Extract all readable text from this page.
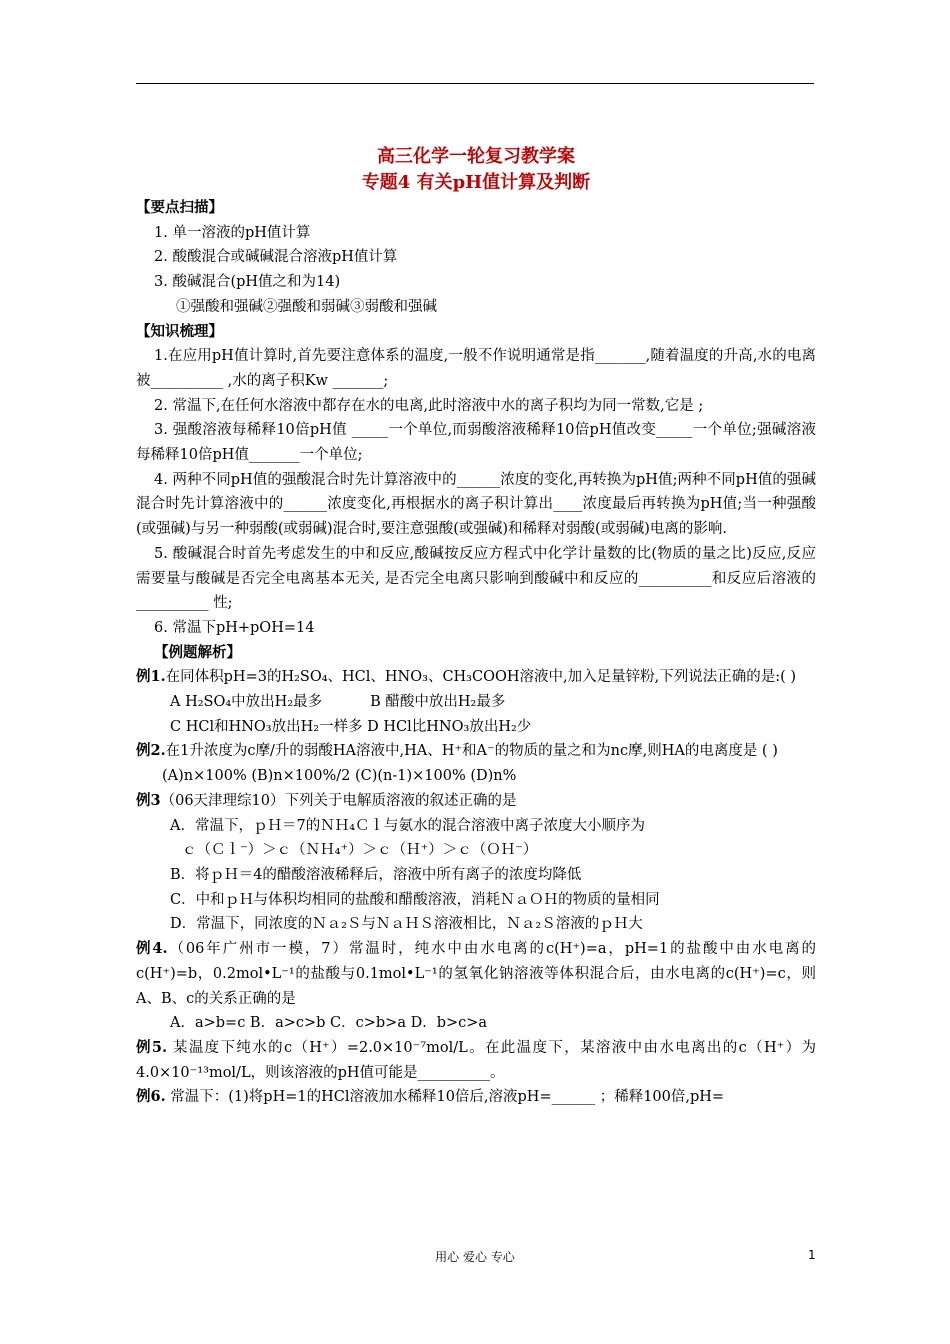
高三化学一轮复习教学案
专题4 有关pH值计算及判断
【要点扫描】
1. 单一溶液的pH值计算
2. 酸酸混合或碱碱混合溶液pH值计算
3. 酸碱混合(pH值之和为14)
①强酸和强碱②强酸和弱碱③弱酸和强碱
【知识梳理】
1.在应用pH值计算时,首先要注意体系的温度,一般不作说明通常是指_______,随着温度的升高,水的电离被__________ ,水的离子积Kw _______;
2. 常温下,在任何水溶液中都存在水的电离,此时溶液中水的离子积均为同一常数,它是 ;
3. 强酸溶液每稀释10倍pH值 _____一个单位,而弱酸溶液稀释10倍pH值改变_____一个单位;强碱溶液每稀释10倍pH值_______一个单位;
4. 两种不同pH值的强酸混合时先计算溶液中的______浓度的变化,再转换为pH值;两种不同pH值的强碱混合时先计算溶液中的______浓度变化,再根据水的离子积计算出____浓度最后再转换为pH值;当一种强酸(或强碱)与另一种弱酸(或弱碱)混合时,要注意强酸(或强碱)和稀释对弱酸(或弱碱)电离的影响.
5. 酸碱混合时首先考虑发生的中和反应,酸碱按反应方程式中化学计量数的比(物质的量之比)反应,反应需要量与酸碱是否完全电离基本无关, 是否完全电离只影响到酸碱中和反应的__________和反应后溶液的__________ 性;
6. 常温下pH+pOH=14
【例题解析】
例1.在同体积pH=3的H₂SO₄、HCl、HNO₃、CH₃COOH溶液中,加入足量锌粉,下列说法正确的是:( )
A H₂SO₄中放出H₂最多	B 醋酸中放出H₂最多
C HCl和HNO₃放出H₂一样多 D HCl比HNO₃放出H₂少
例2.在1升浓度为c摩/升的弱酸HA溶液中,HA、H⁺和A⁻的物质的量之和为nc摩,则HA的电离度是 ( )
(A)n×100% (B)n×100%/2 (C)(n-1)×100% (D)n%
例3（06天津理综10）下列关于电解质溶液的叙述正确的是
A．常温下，ｐＨ＝7的ＮＨ₄Ｃｌ与氨水的混合溶液中离子浓度大小顺序为
ｃ（Ｃｌ⁻）＞ｃ（ＮＨ₄⁺）＞ｃ（Ｈ⁺）＞ｃ（ＯＨ⁻）
B．将ｐＨ＝4的醋酸溶液稀释后，溶液中所有离子的浓度均降低
C．中和ｐＨ与体积均相同的盐酸和醋酸溶液，消耗ＮａＯＨ的物质的量相同
D．常温下，同浓度的Ｎａ₂Ｓ与ＮａＨＳ溶液相比，Ｎａ₂Ｓ溶液的ｐＨ大
例4.（06年广州市一模，7）常温时，纯水中由水电离的c(H⁺)=a，pH=1的盐酸中由水电离的c(H⁺)=b，0.2mol•L⁻¹的盐酸与0.1mol•L⁻¹的氢氧化钠溶液等体积混合后，由水电离的c(H⁺)=c，则A、B、c的关系正确的是
A．a>b=c B．a>c>b C．c>b>a D．b>c>a
例5. 某温度下纯水的c（H⁺）=2.0×10⁻⁷mol/L。在此温度下，某溶液中由水电离出的c（H⁺）为4.0×10⁻¹³mol/L，则该溶液的pH值可能是__________。
例6. 常温下：(1)将pH=1的HCl溶液加水稀释10倍后,溶液pH=______ ；稀释100倍,pH=
用心 爱心 专心	1
